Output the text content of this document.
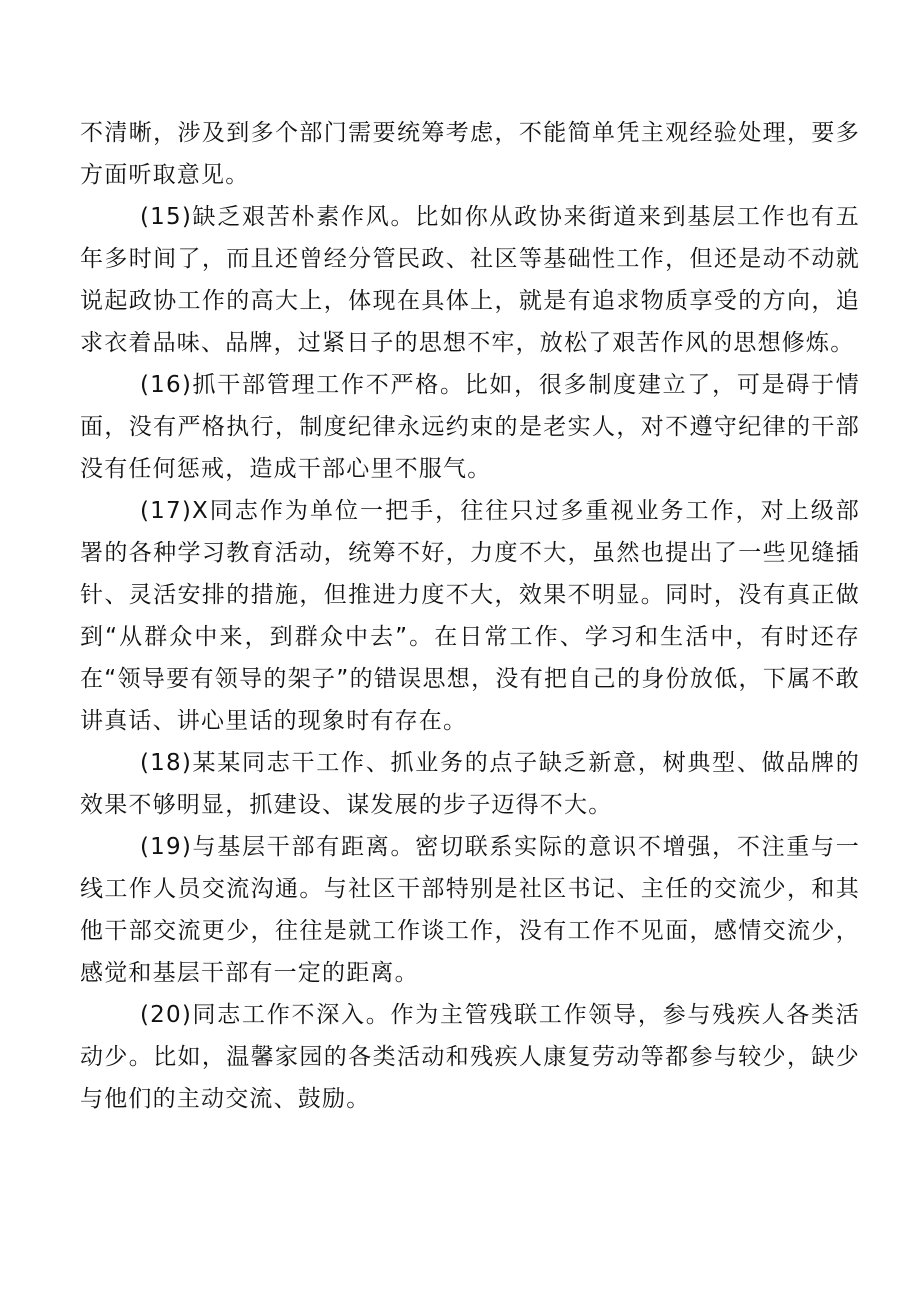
不清晰，涉及到多个部门需要统筹考虑，不能简单凭主观经验处理，要多方面听取意见。

(15)缺乏艰苦朴素作风。比如你从政协来街道来到基层工作也有五年多时间了，而且还曾经分管民政、社区等基础性工作，但还是动不动就说起政协工作的高大上，体现在具体上，就是有追求物质享受的方向，追求衣着品味、品牌，过紧日子的思想不牢，放松了艰苦作风的思想修炼。

(16)抓干部管理工作不严格。比如，很多制度建立了，可是碍于情面，没有严格执行，制度纪律永远约束的是老实人，对不遵守纪律的干部没有任何惩戒，造成干部心里不服气。

(17)X同志作为单位一把手，往往只过多重视业务工作，对上级部署的各种学习教育活动，统筹不好，力度不大，虽然也提出了一些见缝插针、灵活安排的措施，但推进力度不大，效果不明显。同时，没有真正做到“从群众中来，到群众中去”。在日常工作、学习和生活中，有时还存在“领导要有领导的架子”的错误思想，没有把自己的身份放低，下属不敢讲真话、讲心里话的现象时有存在。

(18)某某同志干工作、抓业务的点子缺乏新意，树典型、做品牌的效果不够明显，抓建设、谋发展的步子迈得不大。

(19)与基层干部有距离。密切联系实际的意识不增强，不注重与一线工作人员交流沟通。与社区干部特别是社区书记、主任的交流少，和其他干部交流更少，往往是就工作谈工作，没有工作不见面，感情交流少，感觉和基层干部有一定的距离。

(20)同志工作不深入。作为主管残联工作领导，参与残疾人各类活动少。比如，温馨家园的各类活动和残疾人康复劳动等都参与较少，缺少与他们的主动交流、鼓励。
